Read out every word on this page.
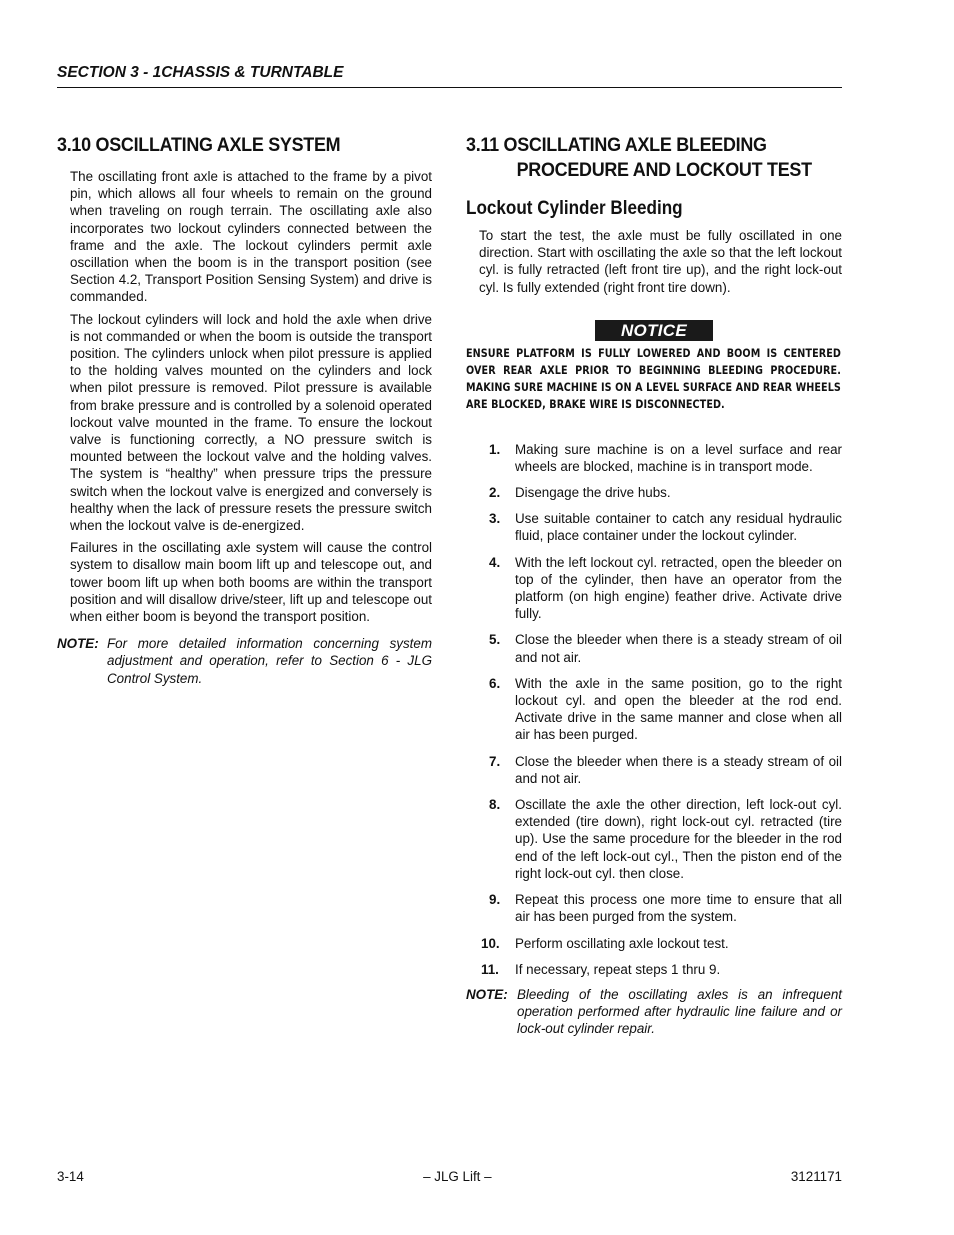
SECTION 3 - 1CHASSIS & TURNTABLE
3.10 OSCILLATING AXLE SYSTEM

The oscillating front axle is attached to the frame by a pivot pin, which allows all four wheels to remain on the ground when traveling on rough terrain. The oscillating axle also incorporates two lockout cylinders connected between the frame and the axle. The lockout cylinders permit axle oscillation when the boom is in the transport position (see Section 4.2, Transport Position Sensing System) and drive is commanded.

The lockout cylinders will lock and hold the axle when drive is not commanded or when the boom is outside the transport position. The cylinders unlock when pilot pressure is applied to the holding valves mounted on the cylinders and lock when pilot pressure is removed. Pilot pressure is available from brake pressure and is controlled by a solenoid operated lockout valve mounted in the frame. To ensure the lockout valve is functioning correctly, a NO pressure switch is mounted between the lockout valve and the holding valves. The system is “healthy” when pressure trips the pressure switch when the lockout valve is energized and conversely is healthy when the lack of pressure resets the pressure switch when the lockout valve is de-energized.

Failures in the oscillating axle system will cause the control system to disallow main boom lift up and telescope out, and tower boom lift up when both booms are within the transport position and will disallow drive/steer, lift up and telescope out when either boom is beyond the transport position.

NOTE: For more detailed information concerning system adjustment and operation, refer to Section 6 - JLG Control System.
3.11 OSCILLATING AXLE BLEEDING
PROCEDURE AND LOCKOUT TEST
Lockout Cylinder Bleeding

To start the test, the axle must be fully oscillated in one direction. Start with oscillating the axle so that the left lockout cyl. is fully retracted (left front tire up), and the right lock-out cyl. Is fully extended (right front tire down).

NOTICE
ENSURE PLATFORM IS FULLY LOWERED AND BOOM IS CENTERED OVER REAR AXLE PRIOR TO BEGINNING BLEEDING PROCEDURE. MAKING SURE MACHINE IS ON A LEVEL SURFACE AND REAR WHEELS ARE BLOCKED, BRAKE WIRE IS DISCONNECTED.
1.	Making sure machine is on a level surface and rear wheels are blocked, machine is in transport mode.
2.	Disengage the drive hubs.
3.	Use suitable container to catch any residual hydraulic fluid, place container under the lockout cylinder.
4.	With the left lockout cyl. retracted, open the bleeder on top of the cylinder, then have an operator from the platform (on high engine) feather drive. Activate drive fully.
5.	Close the bleeder when there is a steady stream of oil and not air.
6.	With the axle in the same position, go to the right lockout cyl. and open the bleeder at the rod end. Activate drive in the same manner and close when all air has been purged.
7.	Close the bleeder when there is a steady stream of oil and not air.
8.	Oscillate the axle the other direction, left lock-out cyl. extended (tire down), right lock-out cyl. retracted (tire up). Use the same procedure for the bleeder in the rod end of the left lock-out cyl., Then the piston end of the right lock-out cyl. then close.
9.	Repeat this process one more time to ensure that all air has been purged from the system.
10.	Perform oscillating axle lockout test.
11.	If necessary, repeat steps 1 thru 9.
NOTE: Bleeding of the oscillating axles is an infrequent operation performed after hydraulic line failure and or lock-out cylinder repair.
3-14	– JLG Lift –	3121171
